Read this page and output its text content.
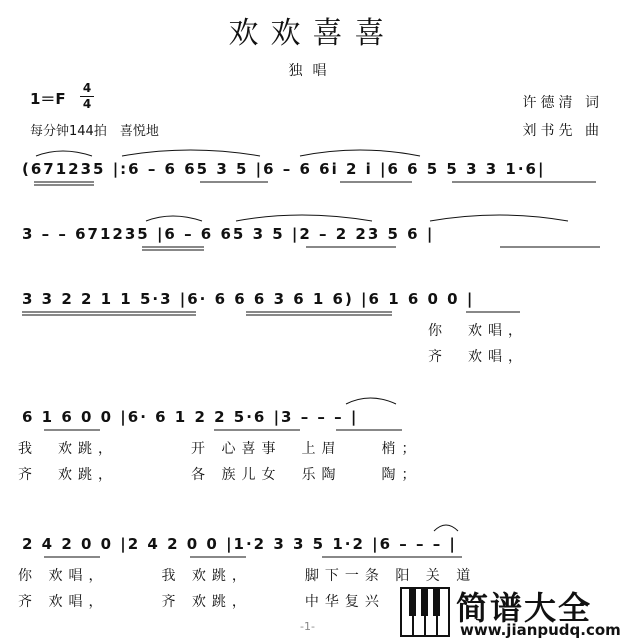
欢欢喜喜
独唱
1＝F
4
4
每分钟144拍　喜悦地
许德清 词
刘书先 曲
(671235 |:6 – 6 65 3 5 |6 – 6 6i 2 i |6 6 5 5 3 3 1·6|
3 – – 671235 |6 – 6 65 3 5 |2 – 2 23 5 6 |
3 3 2 2 1 1 5·3 |6· 6 6 6 3 6 1 6) |6 1 6 0 0 |
你　欢唱，
齐　欢唱，
6 1 6 0 0 |6· 6 1 2 2 5·6 |3 – – – |
我　欢跳，　　　　开 心喜事　上眉　　梢；
齐　欢跳，　　　　各 族儿女　乐陶　　陶；
2 4 2 0 0 |2 4 2 0 0 |1·2 3 3 5 1·2 |6 – – – |
你 欢唱，　　　我 欢跳，　　　脚下一条 阳 关 道
齐 欢唱，　　　齐 欢跳，　　　中华复兴
-1-	简谱大全
www.jianpudq.com
